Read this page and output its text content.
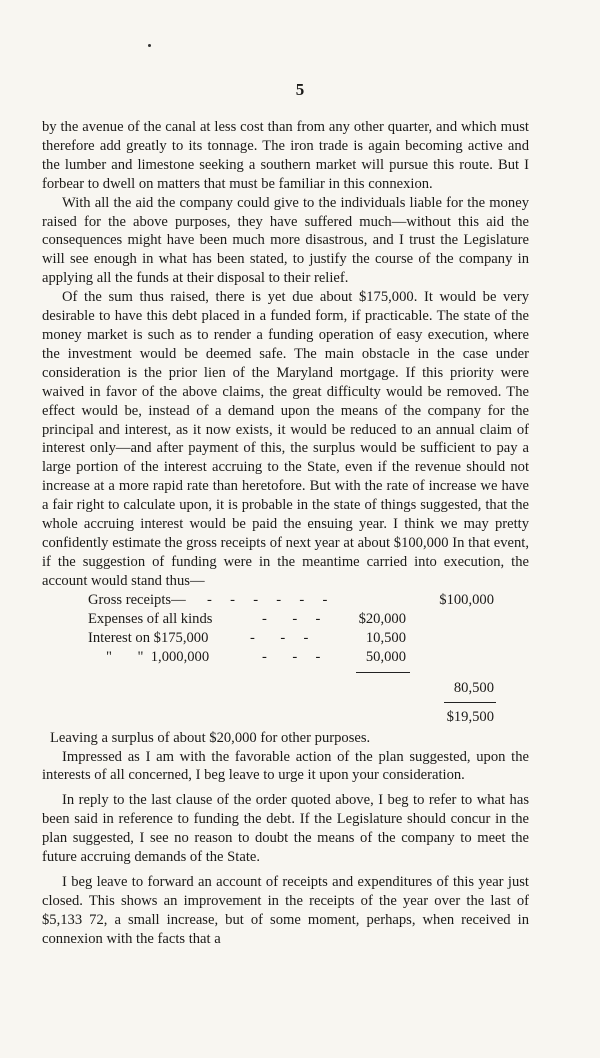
5

by the avenue of the canal at less cost than from any other quarter, and which must therefore add greatly to its tonnage. The iron trade is again becoming active and the lumber and limestone seeking a southern market will pursue this route. But I forbear to dwell on matters that must be familiar in this connexion.

With all the aid the company could give to the individuals liable for the money raised for the above purposes, they have suffered much—without this aid the consequences might have been much more disastrous, and I trust the Legislature will see enough in what has been stated, to justify the course of the company in applying all the funds at their disposal to their relief.

Of the sum thus raised, there is yet due about $175,000. It would be very desirable to have this debt placed in a funded form, if practicable. The state of the money market is such as to render a funding operation of easy execution, where the investment would be deemed safe. The main obstacle in the case under consideration is the prior lien of the Maryland mortgage. If this priority were waived in favor of the above claims, the great difficulty would be removed. The effect would be, instead of a demand upon the means of the company for the principal and interest, as it now exists, it would be reduced to an annual claim of interest only—and after payment of this, the surplus would be sufficient to pay a large portion of the interest accruing to the State, even if the revenue should not increase at a more rapid rate than heretofore. But with the rate of increase we have a fair right to calculate upon, it is probable in the state of things suggested, that the whole accruing interest would be paid the ensuing year. I think we may pretty confidently estimate the gross receipts of next year at about $100,000 In that event, if the suggestion of funding were in the meantime carried into execution, the account would stand thus—

Gross receipts— -     -     -     -     -     -	$100,000
Expenses of all kinds	-       -     -	$20,000
Interest on $175,000	-       -     -	10,500
"       "  1,000,000	-       -     -	50,000
80,500
$19,500

Leaving a surplus of about $20,000 for other purposes.

Impressed as I am with the favorable action of the plan suggested, upon the interests of all concerned, I beg leave to urge it upon your consideration.

In reply to the last clause of the order quoted above, I beg to refer to what has been said in reference to funding the debt. If the Legislature should concur in the plan suggested, I see no reason to doubt the means of the company to meet the future accruing demands of the State.

I beg leave to forward an account of receipts and expenditures of this year just closed. This shows an improvement in the receipts of the year over the last of $5,133 72, a small increase, but of some moment, perhaps, when received in connexion with the facts that a
